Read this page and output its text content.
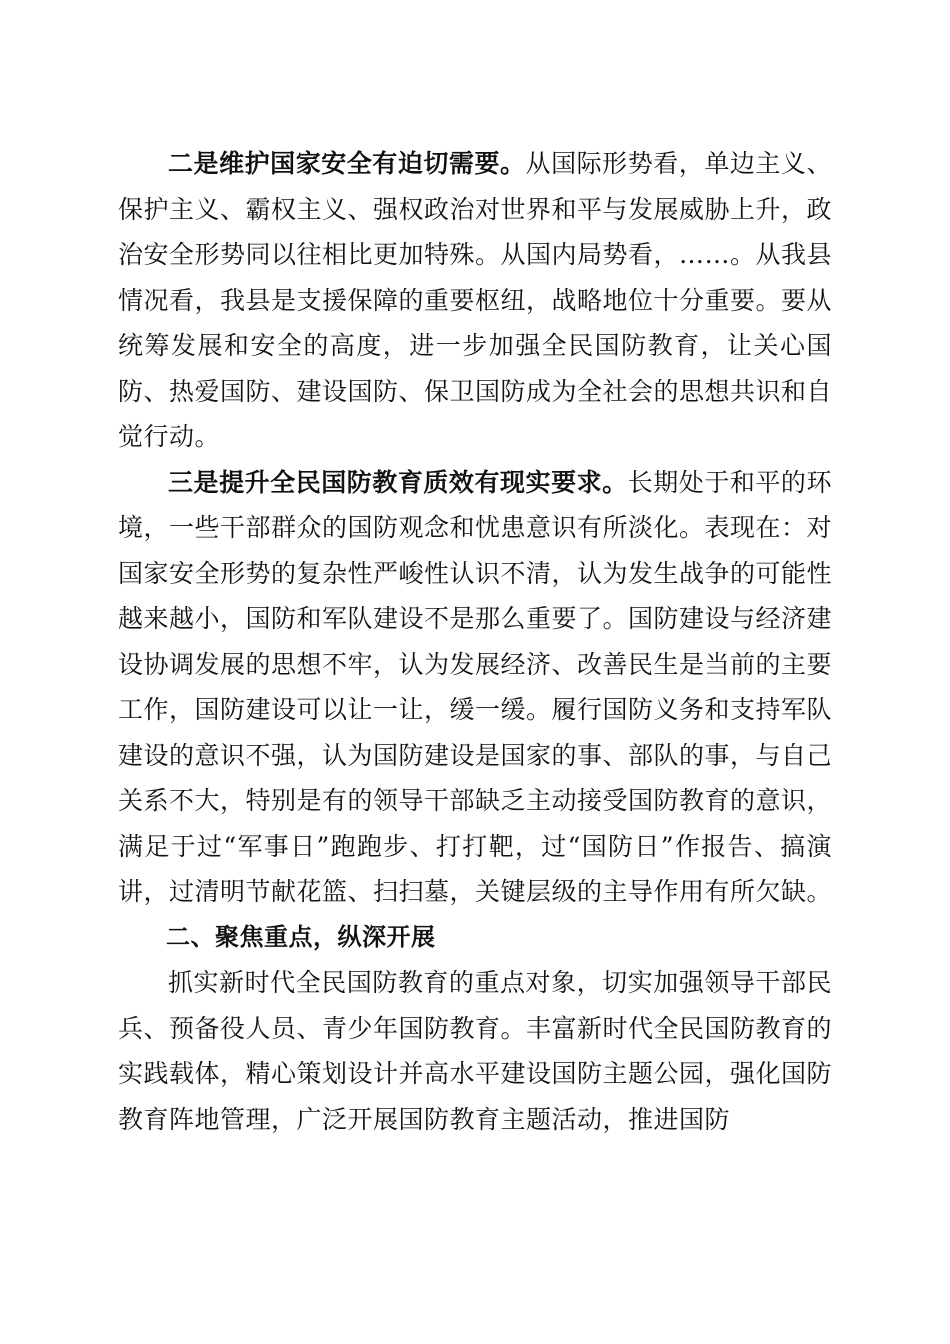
二是维护国家安全有迫切需要。从国际形势看，单边主义、保护主义、霸权主义、强权政治对世界和平与发展威胁上升，政治安全形势同以往相比更加特殊。从国内局势看，……。从我县情况看，我县是支援保障的重要枢纽，战略地位十分重要。要从统筹发展和安全的高度，进一步加强全民国防教育，让关心国防、热爱国防、建设国防、保卫国防成为全社会的思想共识和自觉行动。

三是提升全民国防教育质效有现实要求。长期处于和平的环境，一些干部群众的国防观念和忧患意识有所淡化。表现在：对国家安全形势的复杂性严峻性认识不清，认为发生战争的可能性越来越小，国防和军队建设不是那么重要了。国防建设与经济建设协调发展的思想不牢，认为发展经济、改善民生是当前的主要工作，国防建设可以让一让，缓一缓。履行国防义务和支持军队建设的意识不强，认为国防建设是国家的事、部队的事，与自己关系不大，特别是有的领导干部缺乏主动接受国防教育的意识，满足于过“军事日”跑跑步、打打靶，过“国防日”作报告、搞演讲，过清明节献花篮、扫扫墓，关键层级的主导作用有所欠缺。

二、聚焦重点，纵深开展

抓实新时代全民国防教育的重点对象，切实加强领导干部民兵、预备役人员、青少年国防教育。丰富新时代全民国防教育的实践载体，精心策划设计并高水平建设国防主题公园，强化国防教育阵地管理，广泛开展国防教育主题活动，推进国防
